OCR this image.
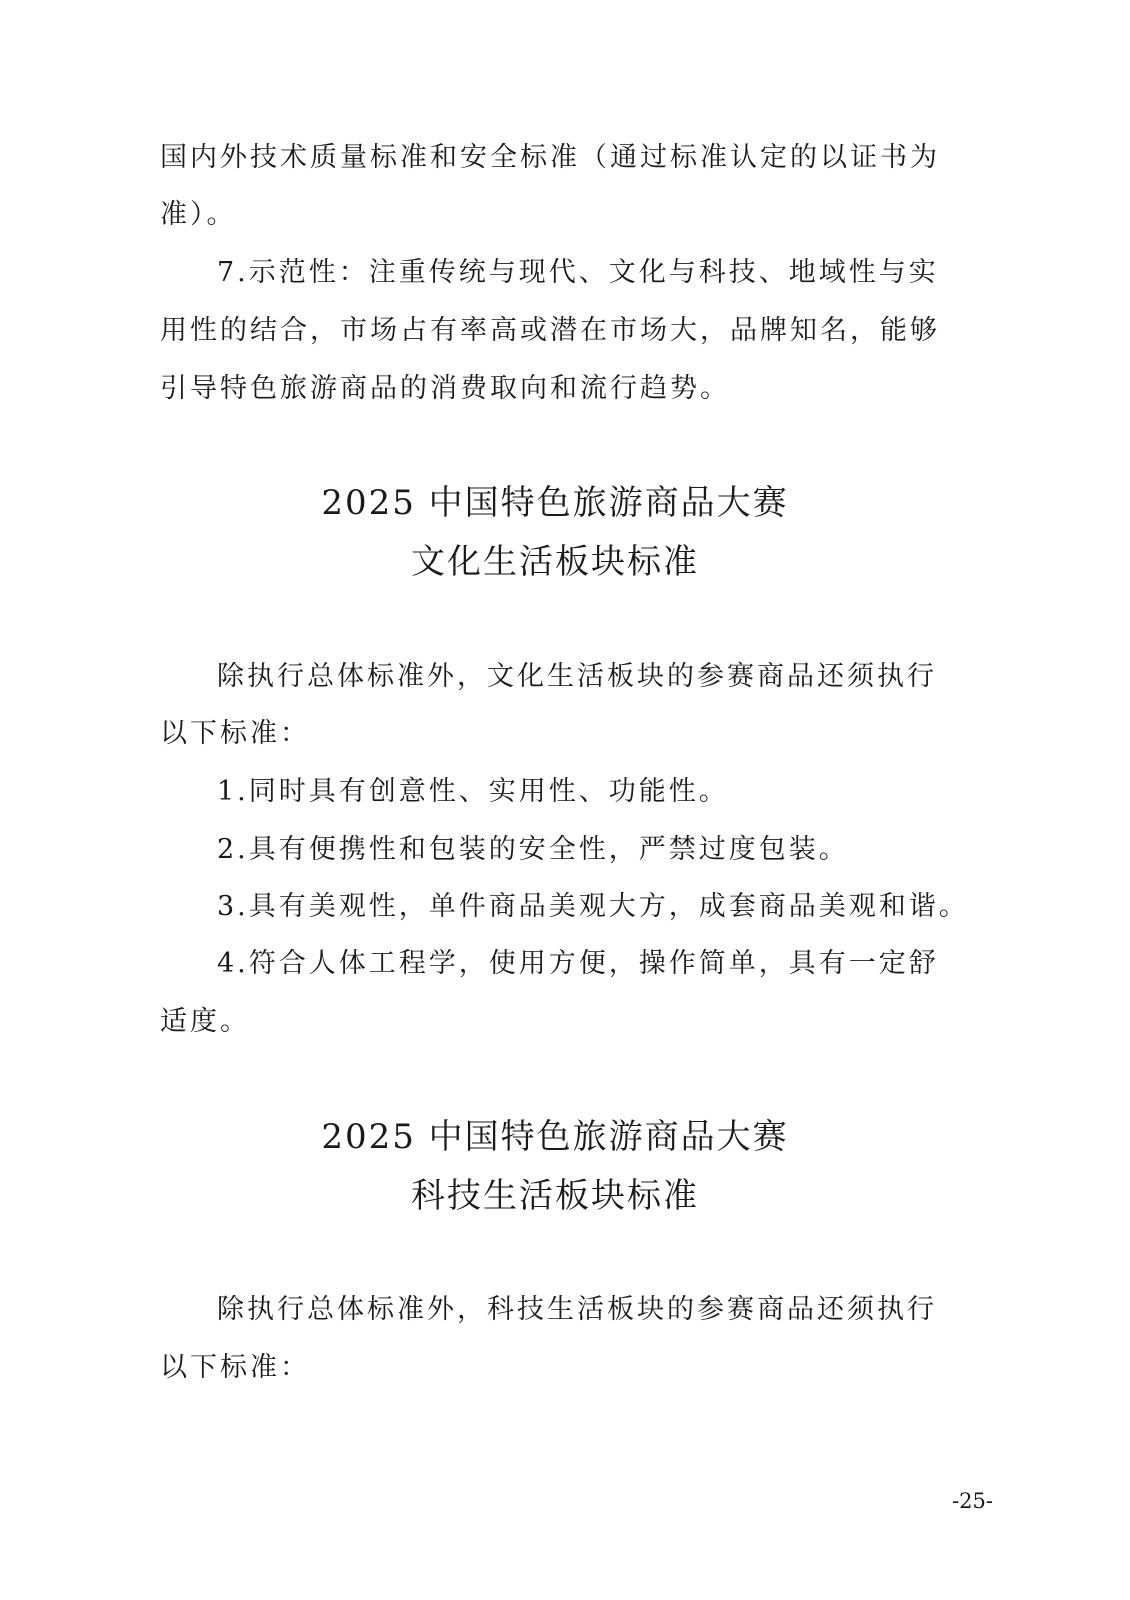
国内外技术质量标准和安全标准（通过标准认定的以证书为
准）。
7.示范性：注重传统与现代、文化与科技、地域性与实
用性的结合，市场占有率高或潜在市场大，品牌知名，能够
引导特色旅游商品的消费取向和流行趋势。
2025 中国特色旅游商品大赛
文化生活板块标准
除执行总体标准外，文化生活板块的参赛商品还须执行
以下标准：
1.同时具有创意性、实用性、功能性。
2.具有便携性和包装的安全性，严禁过度包装。
3.具有美观性，单件商品美观大方，成套商品美观和谐。
4.符合人体工程学，使用方便，操作简单，具有一定舒
适度。
2025 中国特色旅游商品大赛
科技生活板块标准
除执行总体标准外，科技生活板块的参赛商品还须执行
以下标准：
-25-
